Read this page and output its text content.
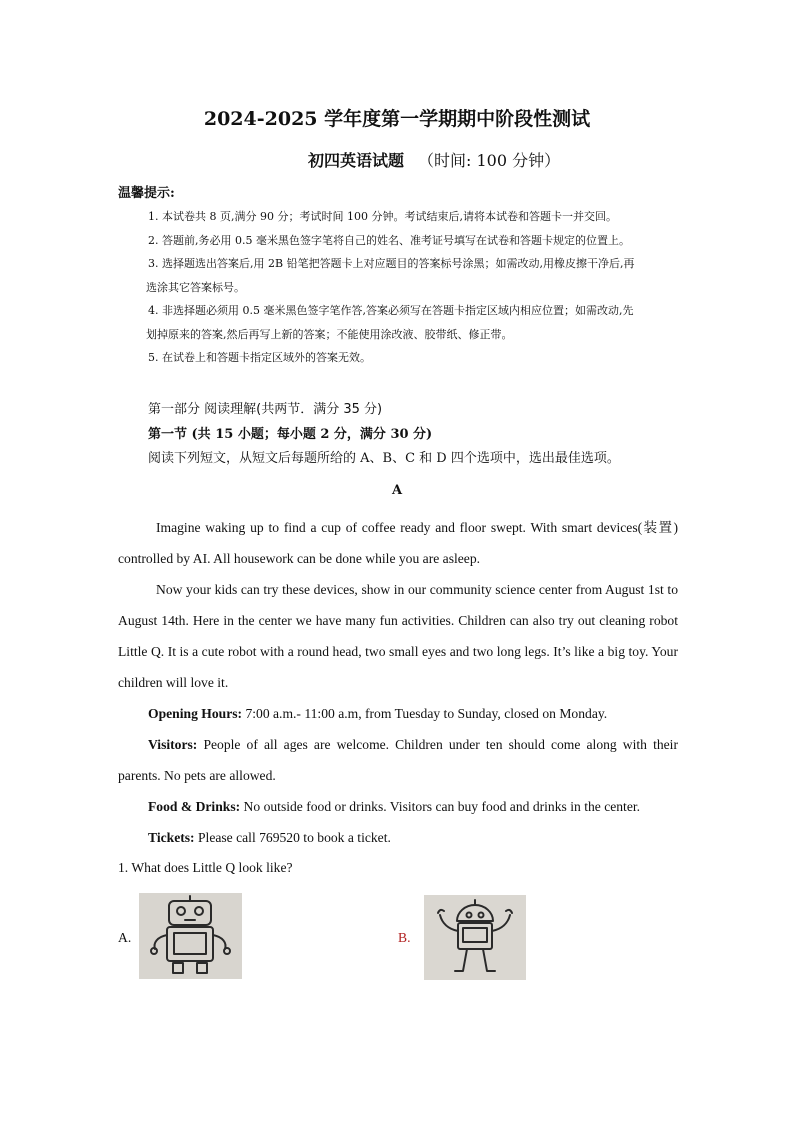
2024-2025 学年度第一学期期中阶段性测试
初四英语试题 （时间: 100 分钟）
温馨提示:
1. 本试卷共 8 页,满分 90 分；考试时间 100 分钟。考试结束后,请将本试卷和答题卡一并交回。
2. 答题前,务必用 0.5 毫米黑色签字笔将自己的姓名、准考证号填写在试卷和答题卡规定的位置上。
3. 选择题选出答案后,用 2B 铅笔把答题卡上对应题目的答案标号涂黑；如需改动,用橡皮擦干净后,再
选涂其它答案标号。
4. 非选择题必须用 0.5 毫米黑色签字笔作答,答案必须写在答题卡指定区域内相应位置；如需改动,先
划掉原来的答案,然后再写上新的答案；不能使用涂改液、胶带纸、修正带。
5. 在试卷上和答题卡指定区域外的答案无效。
第一部分 阅读理解(共两节．满分 35 分)
第一节 (共 15 小题；每小题 2 分，满分 30 分)
阅读下列短文，从短文后每题所给的 A、B、C 和 D 四个选项中，选出最佳选项。
A

Imagine waking up to find a cup of coffee ready and floor swept. With smart devices(装置) controlled by AI. All housework can be done while you are asleep.

Now your kids can try these devices, show in our community science center from August 1st to August 14th. Here in the center we have many fun activities. Children can also try out cleaning robot Little Q. It is a cute robot with a round head, two small eyes and two long legs. It’s like a big toy. Your children will love it.

Opening Hours: 7:00 a.m.- 11:00 a.m, from Tuesday to Sunday, closed on Monday.

Visitors: People of all ages are welcome. Children under ten should come along with their parents. No pets are allowed.

Food & Drinks: No outside food or drinks. Visitors can buy food and drinks in the center.

Tickets: Please call 769520 to book a ticket.

1. What does Little Q look like?
A.	B.
